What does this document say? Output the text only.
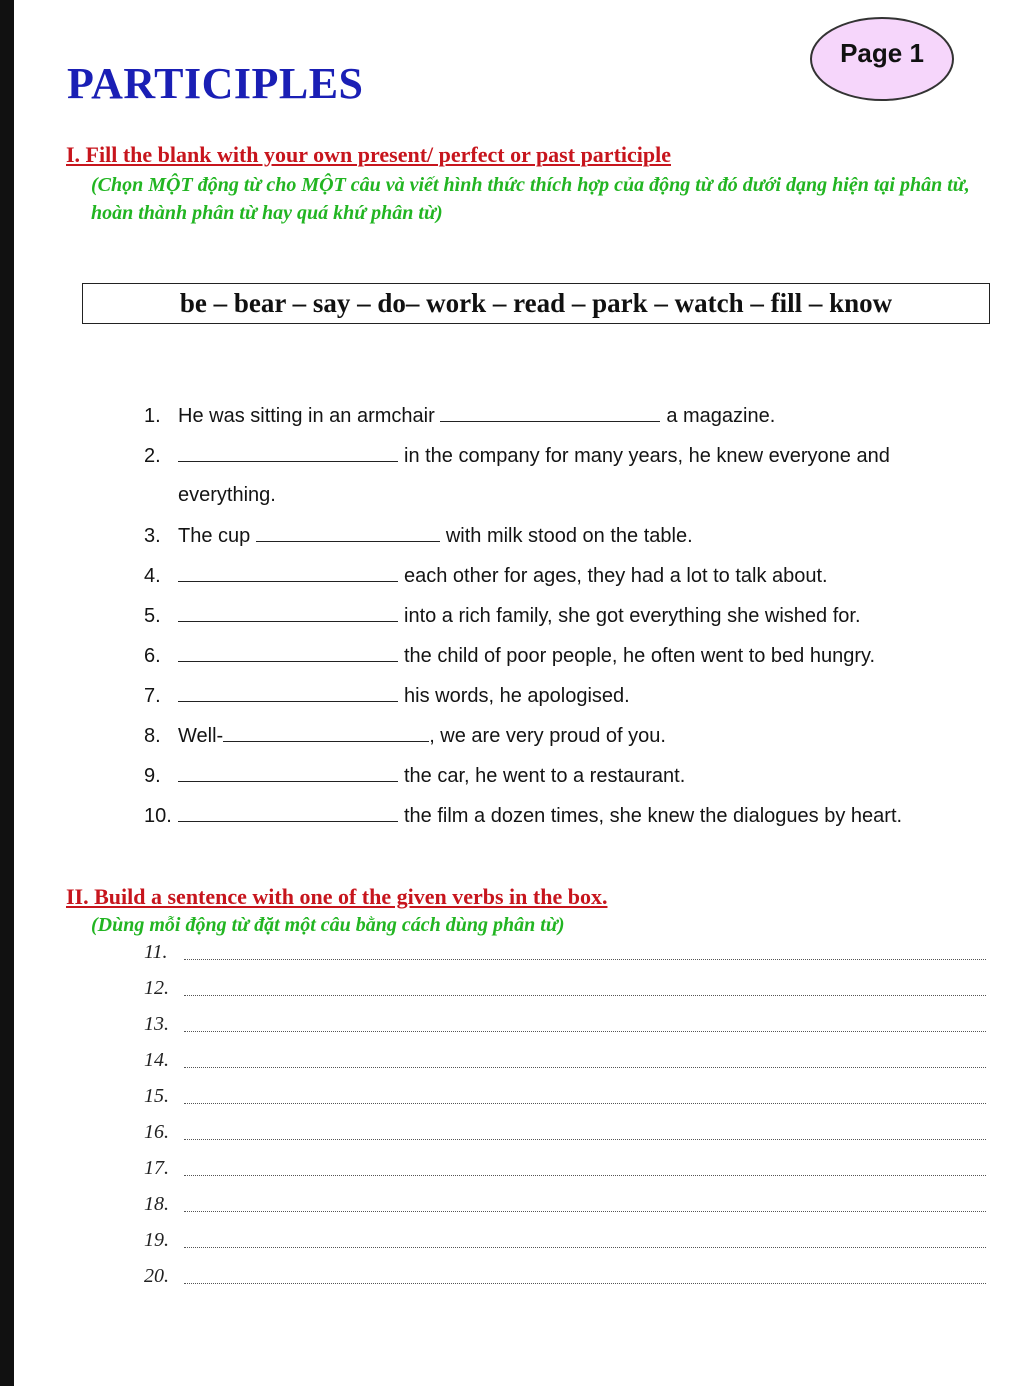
PARTICIPLES
Page 1
I. Fill the blank with your own present/ perfect or past participle
(Chọn MỘT động từ cho MỘT câu và viết hình thức thích hợp của động từ đó dưới dạng hiện tại phân từ, hoàn thành phân từ hay quá khứ phân từ)
be – bear – say – do– work – read – park – watch – fill – know
1. He was sitting in an armchair	a magazine.
2.	in the company for many years, he knew everyone and
everything.
3. The cup	with milk stood on the table.
4.	each other for ages, they had a lot to talk about.
5.	into a rich family, she got everything she wished for.
6.	the child of poor people, he often went to bed hungry.
7.	his words, he apologised.
8. Well-	, we are very proud of you.
9.	the car, he went to a restaurant.
10.	the film a dozen times, she knew the dialogues by heart.
II. Build a sentence with one of the given verbs in the box.
(Dùng mỗi động từ đặt một câu bằng cách dùng phân từ)
11.
12.
13.
14.
15.
16.
17.
18.
19.
20.
